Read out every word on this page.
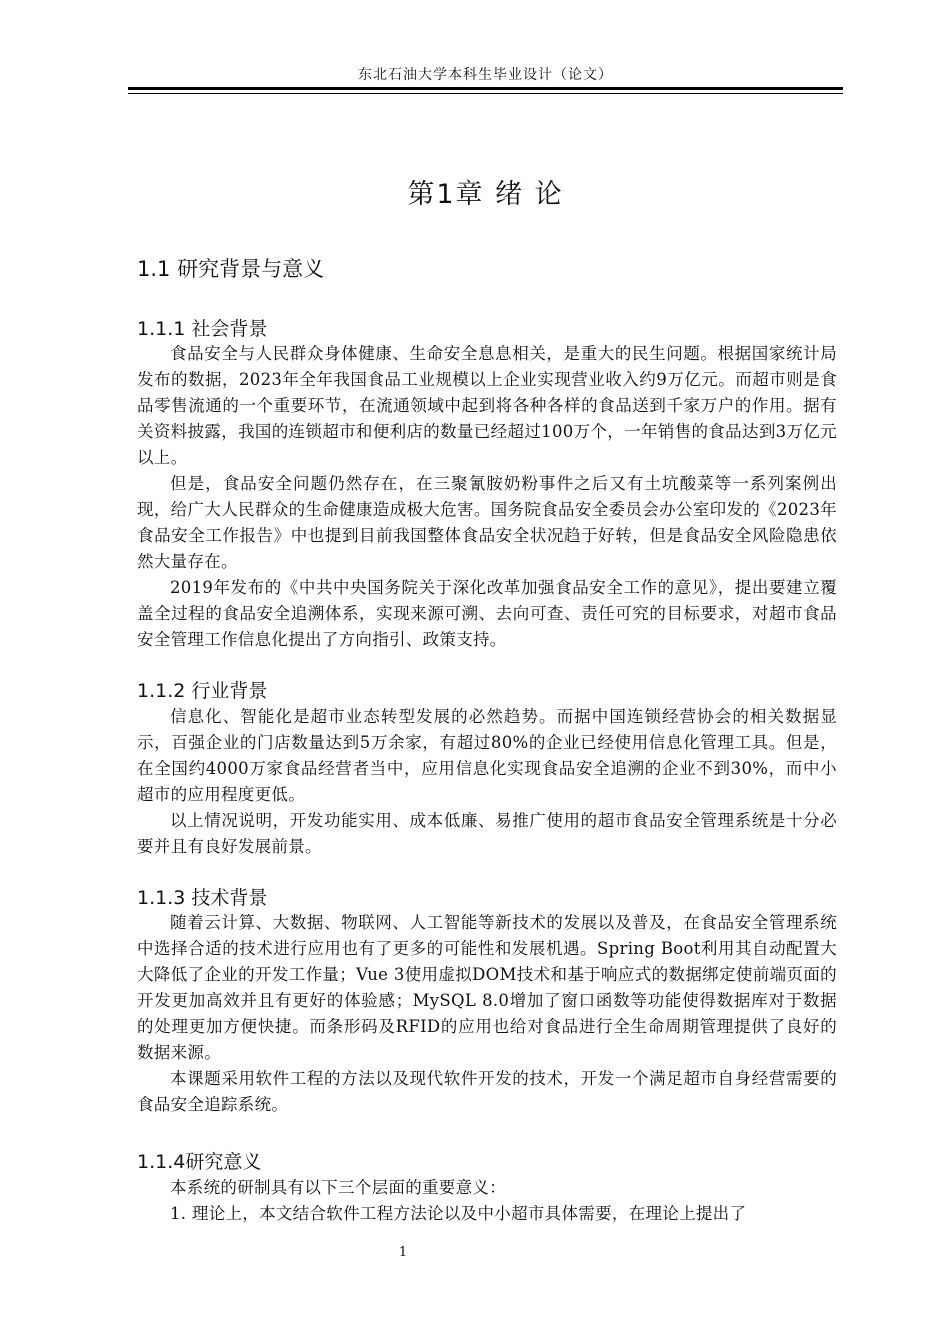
东北石油大学本科生毕业设计（论文）
第1章 绪 论
1.1 研究背景与意义
1.1.1 社会背景

食品安全与人民群众身体健康、生命安全息息相关，是重大的民生问题。根据国家统计局发布的数据，2023年全年我国食品工业规模以上企业实现营业收入约9万亿元。而超市则是食品零售流通的一个重要环节，在流通领域中起到将各种各样的食品送到千家万户的作用。据有关资料披露，我国的连锁超市和便利店的数量已经超过100万个，一年销售的食品达到3万亿元以上。

但是，食品安全问题仍然存在，在三聚氰胺奶粉事件之后又有土坑酸菜等一系列案例出现，给广大人民群众的生命健康造成极大危害。国务院食品安全委员会办公室印发的《2023年食品安全工作报告》中也提到目前我国整体食品安全状况趋于好转，但是食品安全风险隐患依然大量存在。

2019年发布的《中共中央国务院关于深化改革加强食品安全工作的意见》，提出要建立覆盖全过程的食品安全追溯体系，实现来源可溯、去向可查、责任可究的目标要求，对超市食品安全管理工作信息化提出了方向指引、政策支持。

1.1.2 行业背景

信息化、智能化是超市业态转型发展的必然趋势。而据中国连锁经营协会的相关数据显示，百强企业的门店数量达到5万余家，有超过80%的企业已经使用信息化管理工具。但是，在全国约4000万家食品经营者当中，应用信息化实现食品安全追溯的企业不到30%，而中小超市的应用程度更低。

以上情况说明，开发功能实用、成本低廉、易推广使用的超市食品安全管理系统是十分必要并且有良好发展前景。

1.1.3 技术背景

随着云计算、大数据、物联网、人工智能等新技术的发展以及普及，在食品安全管理系统中选择合适的技术进行应用也有了更多的可能性和发展机遇。Spring Boot利用其自动配置大大降低了企业的开发工作量；Vue 3使用虚拟DOM技术和基于响应式的数据绑定使前端页面的开发更加高效并且有更好的体验感；MySQL 8.0增加了窗口函数等功能使得数据库对于数据的处理更加方便快捷。而条形码及RFID的应用也给对食品进行全生命周期管理提供了良好的数据来源。

本课题采用软件工程的方法以及现代软件开发的技术，开发一个满足超市自身经营需要的食品安全追踪系统。

1.1.4研究意义

本系统的研制具有以下三个层面的重要意义：

1. 理论上，本文结合软件工程方法论以及中小超市具体需要，在理论上提出了

1
